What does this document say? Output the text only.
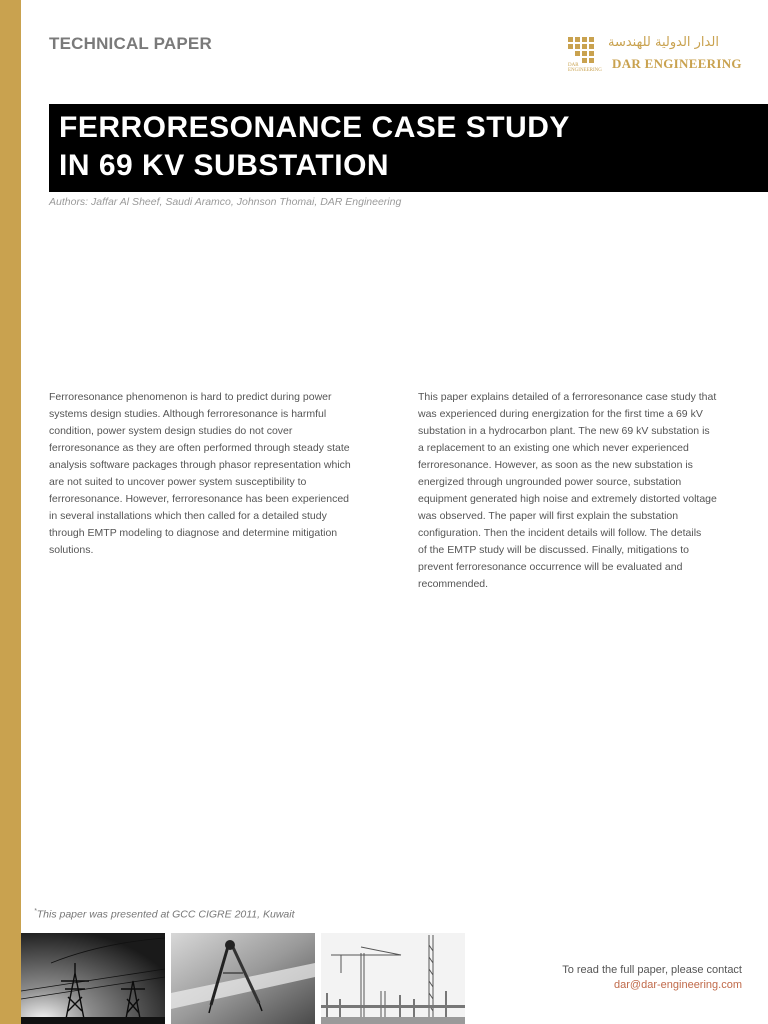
TECHNICAL PAPER
DAR
ENGINEERING
الدار الدولية للهندسة
DAR ENGINEERING
FERRORESONANCE CASE STUDY
IN 69 KV SUBSTATION
Authors: Jaffar Al Sheef, Saudi Aramco, Johnson Thomai, DAR Engineering
Ferroresonance phenomenon is hard to predict during power
systems design studies. Although ferroresonance is harmful
condition, power system design studies do not cover
ferroresonance as they are often performed through steady state
analysis software packages through phasor representation which
are not suited to uncover power system susceptibility to
ferroresonance. However, ferroresonance has been experienced
in several installations which then called for a detailed study
through EMTP modeling to diagnose and determine mitigation
solutions.
This paper explains detailed of a ferroresonance case study that
was experienced during energization for the first time a 69 kV
substation in a hydrocarbon plant. The new 69 kV substation is
a replacement to an existing one which never experienced
ferroresonance. However, as soon as the new substation is
energized through ungrounded power source, substation
equipment generated high noise and extremely distorted voltage
was observed. The paper will first explain the substation
configuration. Then the incident details will follow. The details
of the EMTP study will be discussed. Finally, mitigations to
prevent ferroresonance occurrence will be evaluated and
recommended.
*This paper was presented at GCC CIGRE 2011, Kuwait
To read the full paper, please contact
dar@dar-engineering.com
